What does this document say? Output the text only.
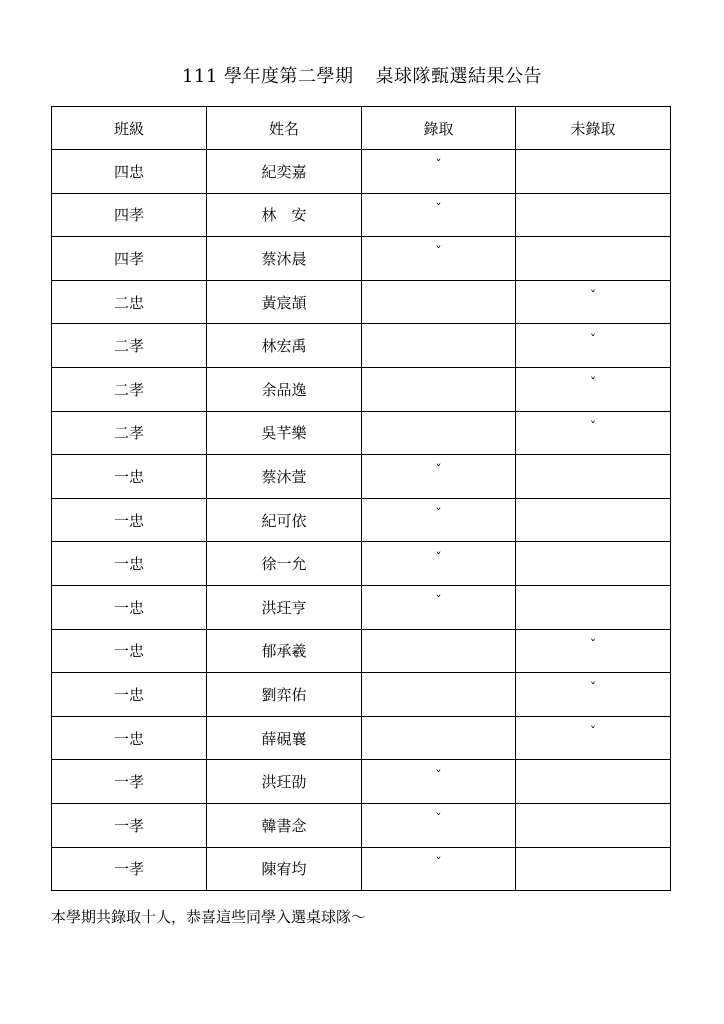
111 學年度第二學期 桌球隊甄選結果公告
班級	姓名	錄取	未錄取
四忠	紀奕嘉	ˇ	
四孝	林　安	ˇ	
四孝	蔡沐晨	ˇ	
二忠	黃宸頡		ˇ
二孝	林宏禹		ˇ
二孝	余品逸		ˇ
二孝	吳芊樂		ˇ
一忠	蔡沐萱	ˇ	
一忠	紀可依	ˇ	
一忠	徐一允	ˇ	
一忠	洪玨亨	ˇ	
一忠	郁承羲		ˇ
一忠	劉弈佑		ˇ
一忠	薛硯襄		ˇ
一孝	洪玨劭	ˇ	
一孝	韓書念	ˇ	
一孝	陳宥均	ˇ	
本學期共錄取十人，恭喜這些同學入選桌球隊～
